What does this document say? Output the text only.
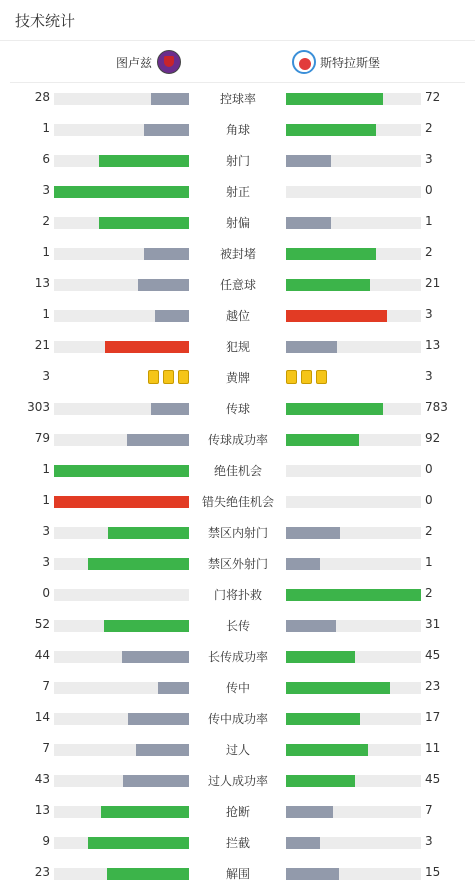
技术统计
图卢兹	斯特拉斯堡
28	控球率	72
1	角球	2
6	射门	3
3	射正	0
2	射偏	1
1	被封堵	2
13	任意球	21
1	越位	3
21	犯规	13
3	黄牌	3
303	传球	783
79	传球成功率	92
1	绝佳机会	0
1	错失绝佳机会	0
3	禁区内射门	2
3	禁区外射门	1
0	门将扑救	2
52	长传	31
44	长传成功率	45
7	传中	23
14	传中成功率	17
7	过人	11
43	过人成功率	45
13	抢断	7
9	拦截	3
23	解围	15
